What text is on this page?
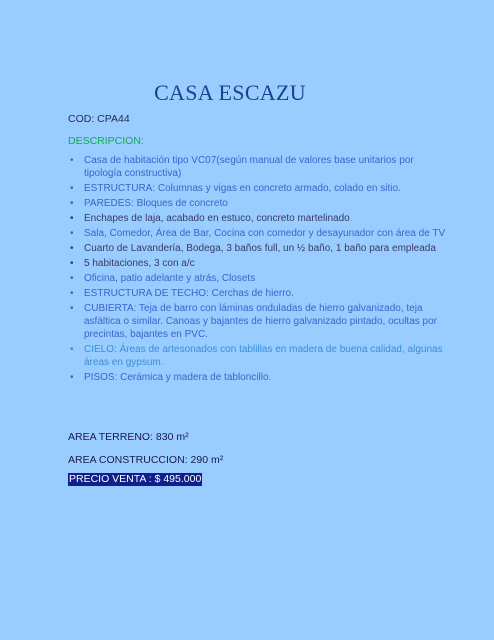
CASA ESCAZU
COD: CPA44
DESCRIPCION:
•	Casa de habitación tipo VC07(según manual de valores base unitarios por tipología constructiva)
•	ESTRUCTURA: Columnas y vigas en concreto armado, colado en sitio.
•	PAREDES: Bloques de concreto
•	Enchapes de laja, acabado en estuco, concreto martelinado.
•	Sala, Comedor, Área de Bar, Cocina con comedor y desayunador con área de TV
•	Cuarto de Lavandería, Bodega, 3 baños full, un ½ baño, 1 baño para empleada
•	5 habitaciones, 3 con a/c
•	Oficina, patio adelante y atrás, Closets
•	ESTRUCTURA DE TECHO: Cerchas de hierro.
•	CUBIERTA: Teja de barro con láminas onduladas de hierro galvanizado, teja asfáltica o similar. Canoas y bajantes de hierro galvanizado pintado, ocultas por precintas, bajantes en PVC.
•	CIELO: Áreas de artesonados con tablillas en madera de buena calidad, algunas áreas en gypsum.
•	PISOS: Cerámica y madera de tabloncillo.
AREA TERRENO: 830 m²
AREA CONSTRUCCION: 290 m²
PRECIO VENTA : $ 495.000
